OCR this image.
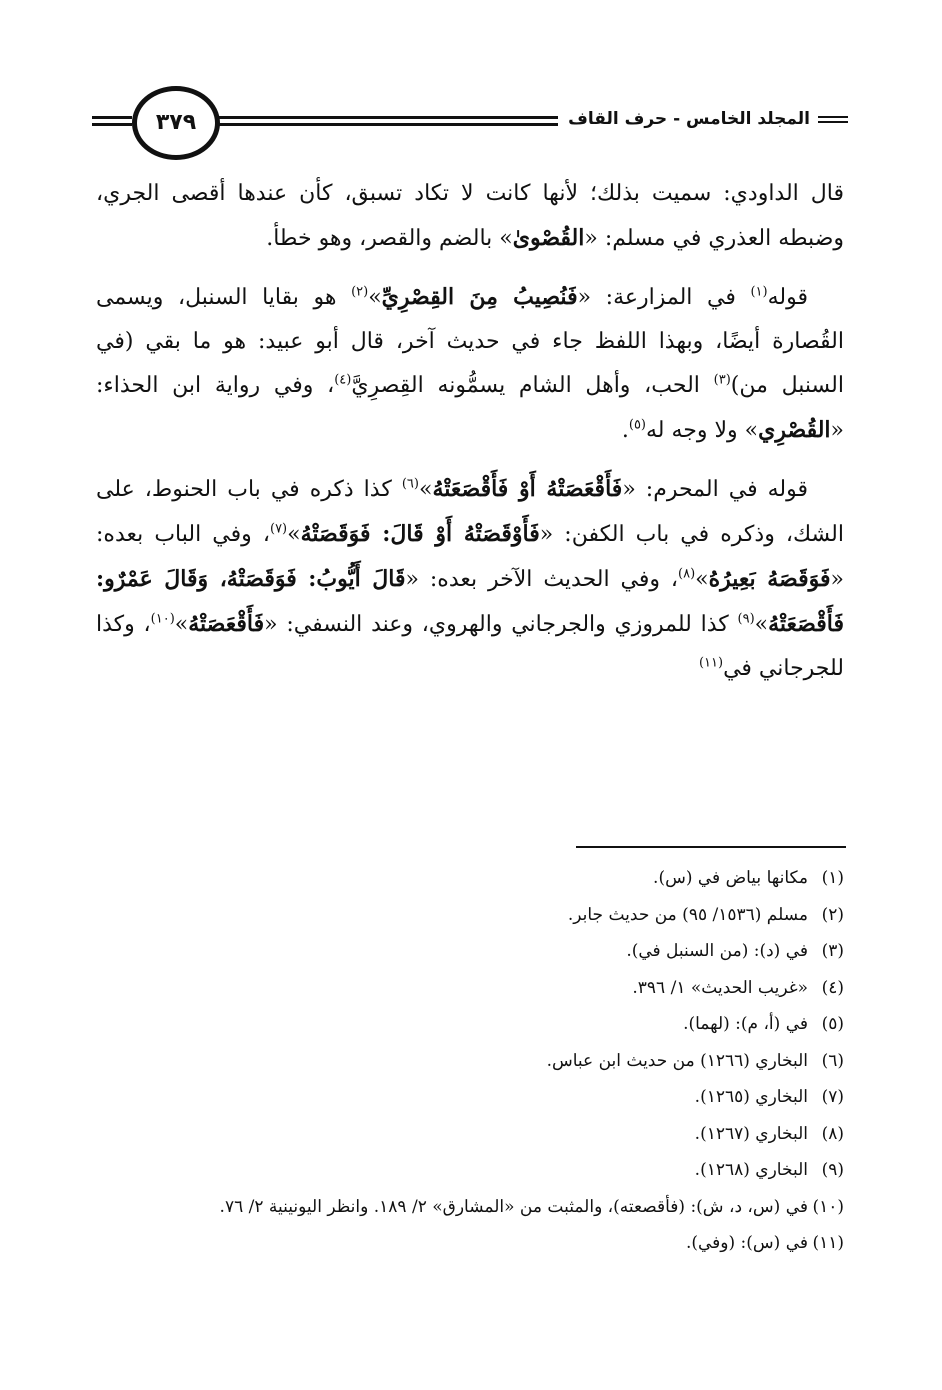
المجلد الخامس - حرف القاف
٣٧٩

قال الداودي: سميت بذلك؛ لأنها كانت لا تكاد تسبق، كأن عندها أقصى الجري، وضبطه العذري في مسلم: «القُصْوىٰ» بالضم والقصر، وهو خطأ.

قوله$^{(١)}$ في المزارعة: «فَنُصِيبُ مِنَ القِصْرِيِّ»$^{(٢)}$ هو بقايا السنبل، ويسمى القُصارة أيضًا، وبهذا اللفظ جاء في حديث آخر، قال أبو عبيد: هو ما بقي (في السنبل من)$^{(٣)}$ الحب، وأهل الشام يسمُّونه القِصرِيَّ$^{(٤)}$، وفي رواية ابن الحذاء: «القُصْرِي» ولا وجه له$^{(٥)}$.

قوله في المحرم: «فَأَقْعَصَتْهُ أَوْ فَأَقْصَعَتْهُ»$^{(٦)}$ كذا ذكره في باب الحنوط، على الشك، وذكره في باب الكفن: «فَأَوْقَصَتْهُ أَوْ قَالَ: فَوَقَصَتْهُ»$^{(٧)}$، وفي الباب بعده: «فَوَقَصَهُ بَعِيرُهُ»$^{(٨)}$، وفي الحديث الآخر بعده: «قَالَ أَيُّوبُ: فَوَقَصَتْهُ، وَقَالَ عَمْرٌو: فَأَقْصَعَتْهُ»$^{(٩)}$ كذا للمروزي والجرجاني والهروي، وعند النسفي: «فَأَقْعَصَتْهُ»$^{(١٠)}$، وكذا للجرجاني في$^{(١١)}$

(١)مكانها بياض في (س).
(٢)مسلم (١٥٣٦/ ٩٥) من حديث جابر.
(٣)في (د): (من السنبل في).
(٤)«غريب الحديث» ١/ ٣٩٦.
(٥)في (أ، م): (لهما).
(٦)البخاري (١٢٦٦) من حديث ابن عباس.
(٧)البخاري (١٢٦٥).
(٨)البخاري (١٢٦٧).
(٩)البخاري (١٢٦٨).
(١٠)في (س، د، ش): (فأقصعته)، والمثبت من «المشارق» ٢/ ١٨٩. وانظر اليونينية ٢/ ٧٦.
(١١)في (س): (وفي).
